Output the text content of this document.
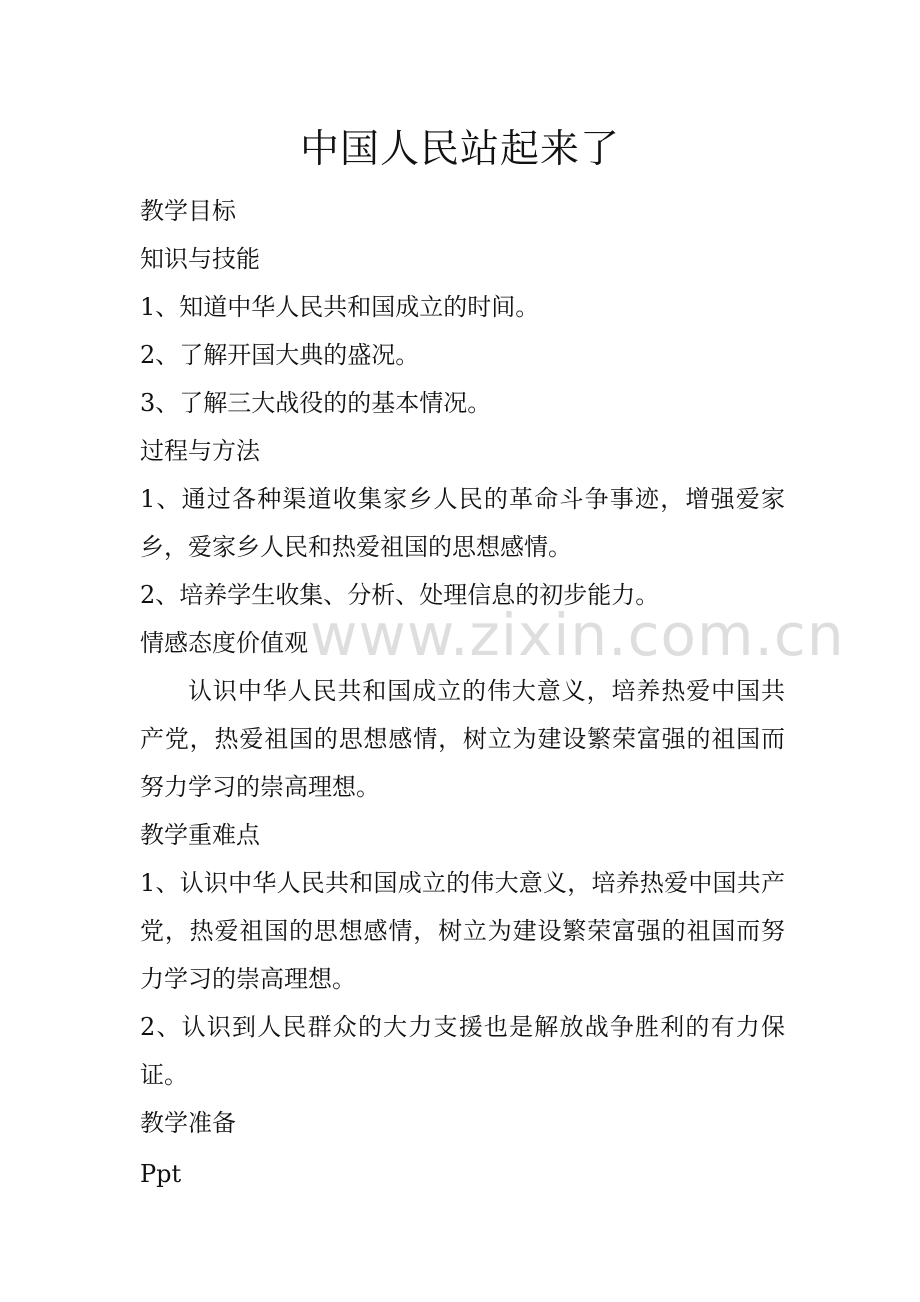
www.zixin.com.cn
中国人民站起来了
教学目标
知识与技能
1、知道中华人民共和国成立的时间。
2、了解开国大典的盛况。
3、了解三大战役的的基本情况。
过程与方法
1、通过各种渠道收集家乡人民的革命斗争事迹，增强爱家乡，爱家乡人民和热爱祖国的思想感情。
2、培养学生收集、分析、处理信息的初步能力。
情感态度价值观
认识中华人民共和国成立的伟大意义，培养热爱中国共产党，热爱祖国的思想感情，树立为建设繁荣富强的祖国而努力学习的崇高理想。
教学重难点
1、认识中华人民共和国成立的伟大意义，培养热爱中国共产党，热爱祖国的思想感情，树立为建设繁荣富强的祖国而努力学习的崇高理想。
2、认识到人民群众的大力支援也是解放战争胜利的有力保证。
教学准备
Ppt
